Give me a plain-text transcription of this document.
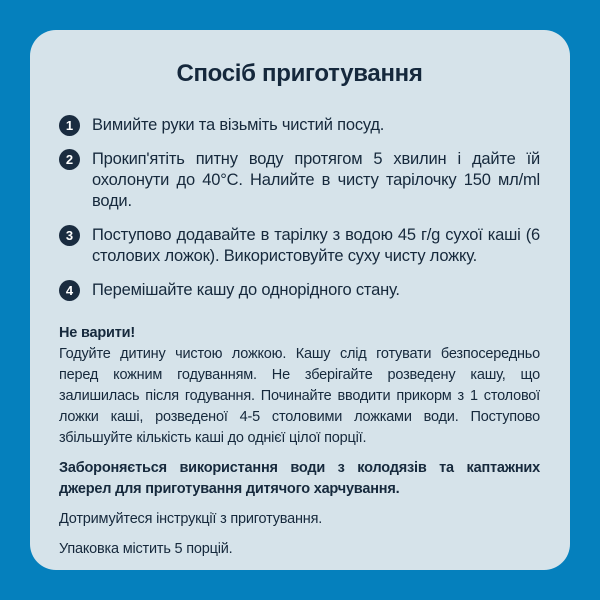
Спосіб приготування
1	Вимийте руки та візьміть чистий посуд.

2	Прокип'ятіть питну воду протягом 5 хвилин і дайте їй охолонути до 40°C. Налийте в чисту тарілочку 150 мл/ml води.

3	Поступово додавайте в тарілку з водою 45 г/g сухої каші (6 столових ложок). Використовуйте суху чисту ложку.

4	Перемішайте кашу до однорідного стану.

Не варити!

Годуйте дитину чистою ложкою. Кашу слід готувати безпосередньо перед кожним годуванням. Не зберігайте розведену кашу, що залишилась після годування. Починайте вводити прикорм з 1 столової ложки каші, розведеної 4-5 столовими ложками води. Поступово збільшуйте кількість каші до однієї цілої порції.

Забороняється використання води з колодязів та каптажних джерел для приготування дитячого харчування.

Дотримуйтеся інструкції з приготування.

Упаковка містить 5 порцій.
